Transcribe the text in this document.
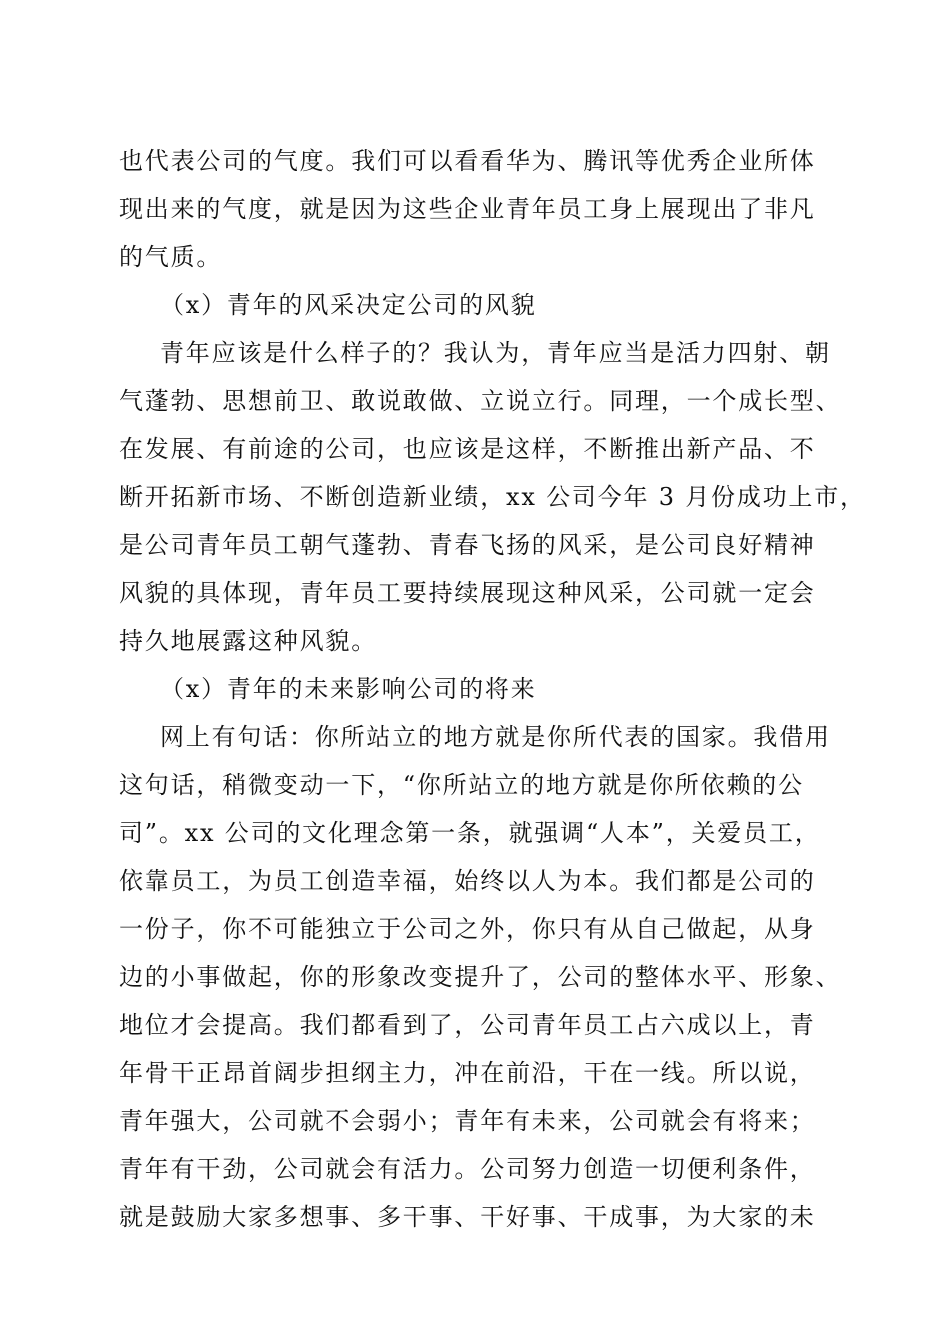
也代表公司的气度。我们可以看看华为、腾讯等优秀企业所体
现出来的气度，就是因为这些企业青年员工身上展现出了非凡
的气质。
（x）青年的风采决定公司的风貌
青年应该是什么样子的？我认为，青年应当是活力四射、朝
气蓬勃、思想前卫、敢说敢做、立说立行。同理，一个成长型、
在发展、有前途的公司，也应该是这样，不断推出新产品、不
断开拓新市场、不断创造新业绩，xx 公司今年 3 月份成功上市，
是公司青年员工朝气蓬勃、青春飞扬的风采，是公司良好精神
风貌的具体现，青年员工要持续展现这种风采，公司就一定会
持久地展露这种风貌。
（x）青年的未来影响公司的将来
网上有句话：你所站立的地方就是你所代表的国家。我借用
这句话，稍微变动一下，“你所站立的地方就是你所依赖的公
司”。xx 公司的文化理念第一条，就强调“人本”，关爱员工，
依靠员工，为员工创造幸福，始终以人为本。我们都是公司的
一份子，你不可能独立于公司之外，你只有从自己做起，从身
边的小事做起，你的形象改变提升了，公司的整体水平、形象、
地位才会提高。我们都看到了，公司青年员工占六成以上，青
年骨干正昂首阔步担纲主力，冲在前沿，干在一线。所以说，
青年强大，公司就不会弱小；青年有未来，公司就会有将来；
青年有干劲，公司就会有活力。公司努力创造一切便利条件，
就是鼓励大家多想事、多干事、干好事、干成事，为大家的未
